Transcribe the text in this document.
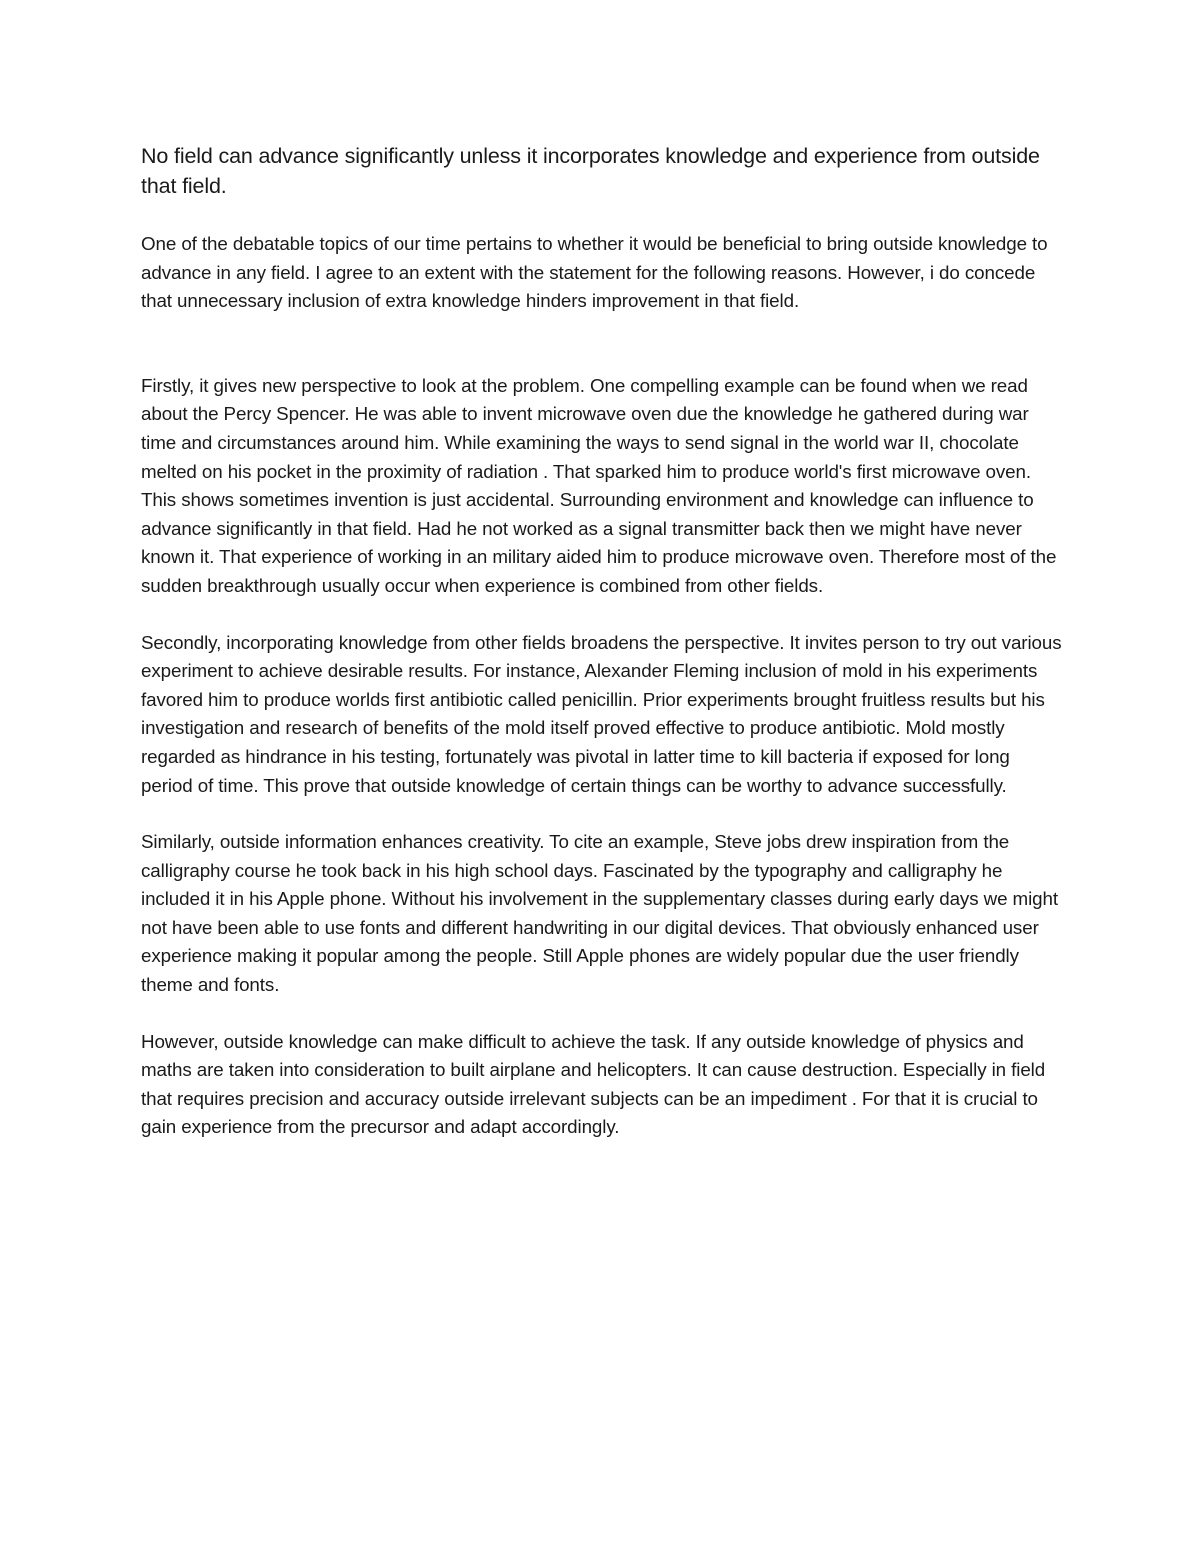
No field can advance significantly unless it incorporates knowledge and experience from outside that field.

One of the debatable topics of our time pertains to whether it would be beneficial to bring outside knowledge to advance in any field. I agree to an extent with the statement for the following reasons. However, i do concede that unnecessary inclusion of extra knowledge hinders improvement in that field.

Firstly, it gives new perspective to look at the problem. One compelling example can be found when we read about the Percy Spencer. He was able to invent microwave oven due the knowledge he gathered during war time and circumstances around him. While examining the ways to send signal in the world war II, chocolate melted on his pocket in the proximity of radiation . That sparked him to produce world's first microwave oven. This shows sometimes invention is just accidental. Surrounding environment and knowledge can influence to advance significantly in that field. Had he not worked as a signal transmitter back then we might have never known it. That experience of working in an military aided him to produce microwave oven. Therefore most of the sudden breakthrough usually occur when experience is combined from other fields.

Secondly, incorporating knowledge from other fields broadens the perspective. It invites person to try out various experiment to achieve desirable results. For instance, Alexander Fleming inclusion of mold in his experiments favored him to produce worlds first antibiotic called penicillin. Prior experiments brought fruitless results but his investigation and research of benefits of the mold itself proved effective to produce antibiotic. Mold mostly regarded as hindrance in his testing, fortunately was pivotal in latter time to kill bacteria if exposed for long period of time. This prove that outside knowledge of certain things can be worthy to advance successfully.

Similarly, outside information enhances creativity. To cite an example, Steve jobs drew inspiration from the calligraphy course he took back in his high school days. Fascinated by the typography and calligraphy he included it in his Apple phone. Without his involvement in the supplementary classes during early days we might not have been able to use fonts and different handwriting in our digital devices. That obviously enhanced user experience making it popular among the people. Still Apple phones are widely popular due the user friendly theme and fonts.

However, outside knowledge can make difficult to achieve the task. If any outside knowledge of physics and maths are taken into consideration to built airplane and helicopters. It can cause destruction. Especially in field that requires precision and accuracy outside irrelevant subjects can be an impediment . For that it is crucial to gain experience from the precursor and adapt accordingly.
